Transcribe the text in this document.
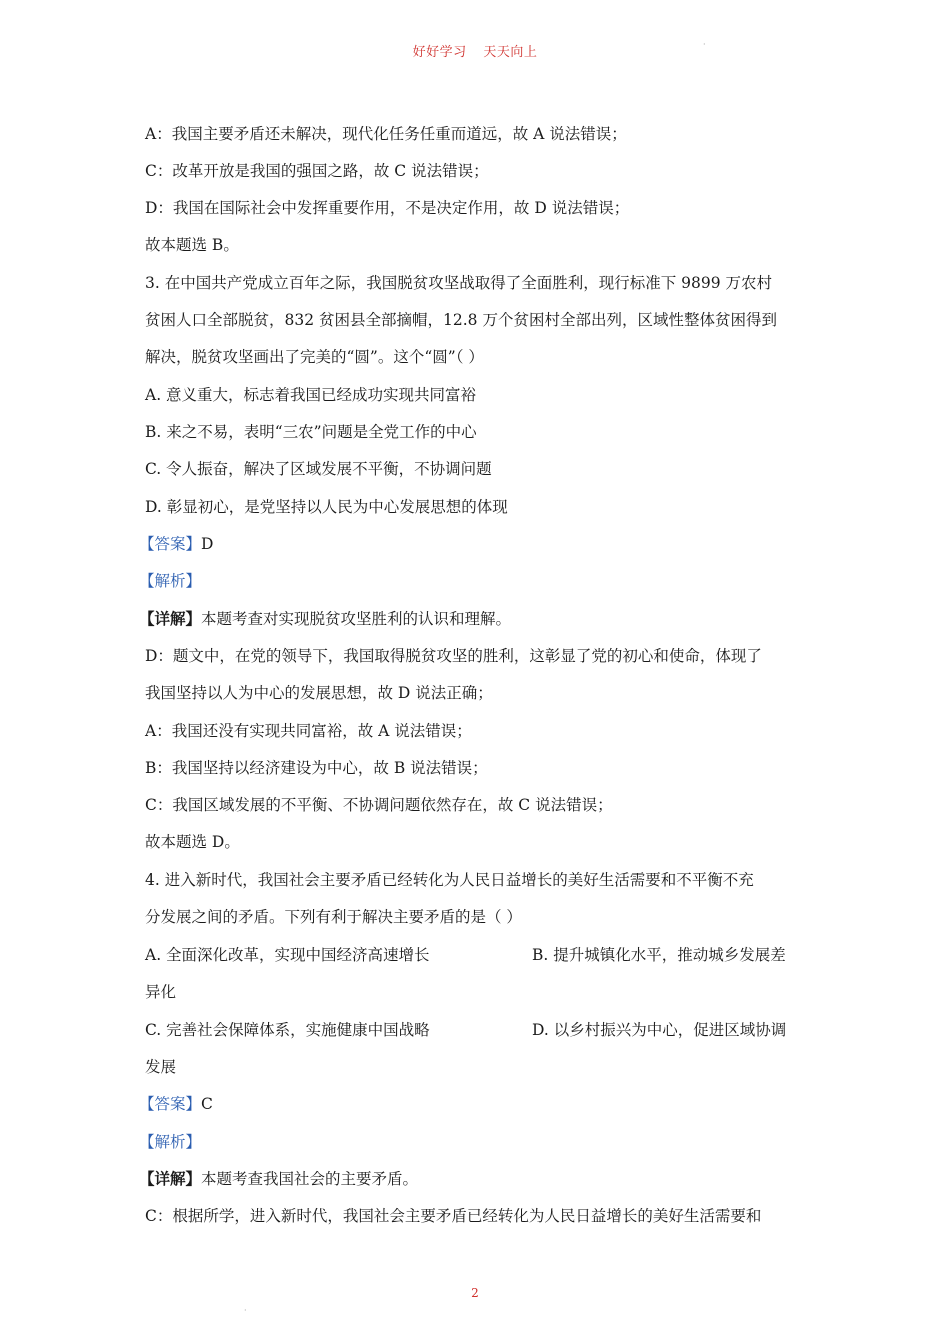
好好学习 天天向上
·
A：我国主要矛盾还未解决，现代化任务任重而道远，故 A 说法错误；
C：改革开放是我国的强国之路，故 C 说法错误；
D：我国在国际社会中发挥重要作用，不是决定作用，故 D 说法错误；
故本题选 B。
3. 在中国共产党成立百年之际，我国脱贫攻坚战取得了全面胜利，现行标准下 9899 万农村
贫困人口全部脱贫，832 贫困县全部摘帽，12.8 万个贫困村全部出列，区域性整体贫困得到
解决，脱贫攻坚画出了完美的“圆”。这个“圆”（ ）
A. 意义重大，标志着我国已经成功实现共同富裕
B. 来之不易，表明“三农”问题是全党工作的中心
C. 令人振奋，解决了区域发展不平衡，不协调问题
D. 彰显初心，是党坚持以人民为中心发展思想的体现
【答案】D
【解析】
【详解】本题考查对实现脱贫攻坚胜利的认识和理解。
D：题文中，在党的领导下，我国取得脱贫攻坚的胜利，这彰显了党的初心和使命，体现了
我国坚持以人为中心的发展思想，故 D 说法正确；
A：我国还没有实现共同富裕，故 A 说法错误；
B：我国坚持以经济建设为中心，故 B 说法错误；
C：我国区域发展的不平衡、不协调问题依然存在，故 C 说法错误；
故本题选 D。
4. 进入新时代，我国社会主要矛盾已经转化为人民日益增长的美好生活需要和不平衡不充
分发展之间的矛盾。下列有利于解决主要矛盾的是（ ）
A. 全面深化改革，实现中国经济高速增长	B. 提升城镇化水平，推动城乡发展差
异化
C. 完善社会保障体系，实施健康中国战略	D. 以乡村振兴为中心，促进区域协调
发展
【答案】C
【解析】
【详解】本题考查我国社会的主要矛盾。
C：根据所学，进入新时代，我国社会主要矛盾已经转化为人民日益增长的美好生活需要和
2
·
